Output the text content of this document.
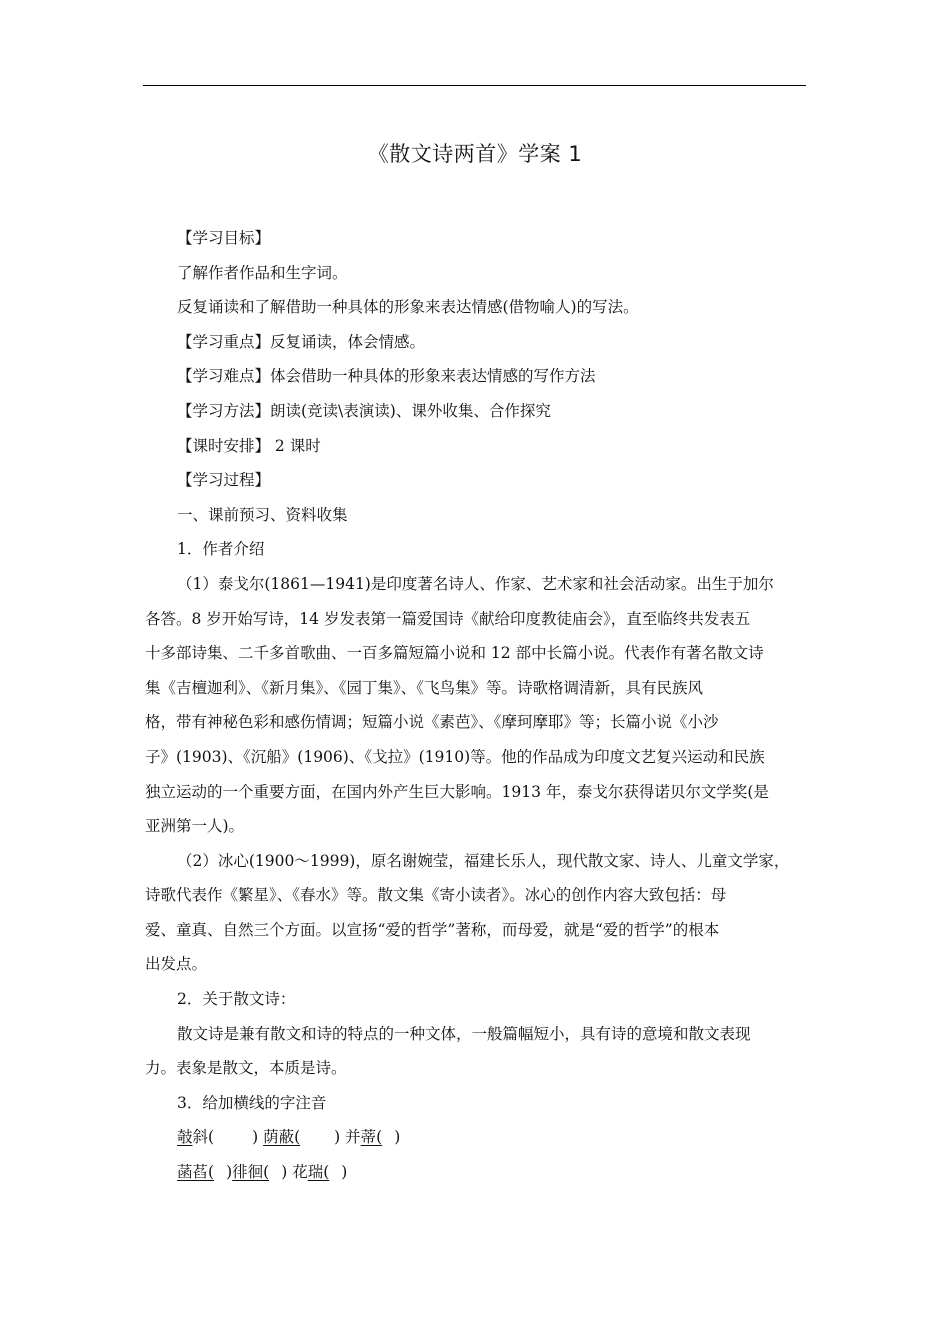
《散文诗两首》学案 1

【学习目标】

了解作者作品和生字词。

反复诵读和了解借助一种具体的形象来表达情感(借物喻人)的写法。

【学习重点】反复诵读，体会情感。

【学习难点】体会借助一种具体的形象来表达情感的写作方法

【学习方法】朗读(竞读\表演读)、课外收集、合作探究

【课时安排】 2 课时

【学习过程】

一、课前预习、资料收集

1．作者介绍

（1）泰戈尔(1861—1941)是印度著名诗人、作家、艺术家和社会活动家。出生于加尔

各答。8 岁开始写诗，14 岁发表第一篇爱国诗《献给印度教徒庙会》，直至临终共发表五

十多部诗集、二千多首歌曲、一百多篇短篇小说和 12 部中长篇小说。代表作有著名散文诗

集《吉檀迦利》、《新月集》、《园丁集》、《飞鸟集》等。诗歌格调清新，具有民族风

格，带有神秘色彩和感伤情调；短篇小说《素芭》、《摩珂摩耶》等；长篇小说《小沙

子》(1903)、《沉船》(1906)、《戈拉》(1910)等。他的作品成为印度文艺复兴运动和民族

独立运动的一个重要方面，在国内外产生巨大影响。1913 年，泰戈尔获得诺贝尔文学奖(是

亚洲第一人)。

（2）冰心(1900～1999)，原名谢婉莹，福建长乐人，现代散文家、诗人、儿童文学家，

诗歌代表作《繁星》、《春水》等。散文集《寄小读者》。冰心的创作内容大致包括：母

爱、童真、自然三个方面。以宣扬“爱的哲学”著称，而母爱，就是“爱的哲学”的根本

出发点。

2．关于散文诗：

散文诗是兼有散文和诗的特点的一种文体，一般篇幅短小，具有诗的意境和散文表现

力。表象是散文，本质是诗。

3．给加横线的字注音

攲斜( ) 荫蔽( ) 并蒂( )

菡萏( )徘徊( ) 花瑞( )
